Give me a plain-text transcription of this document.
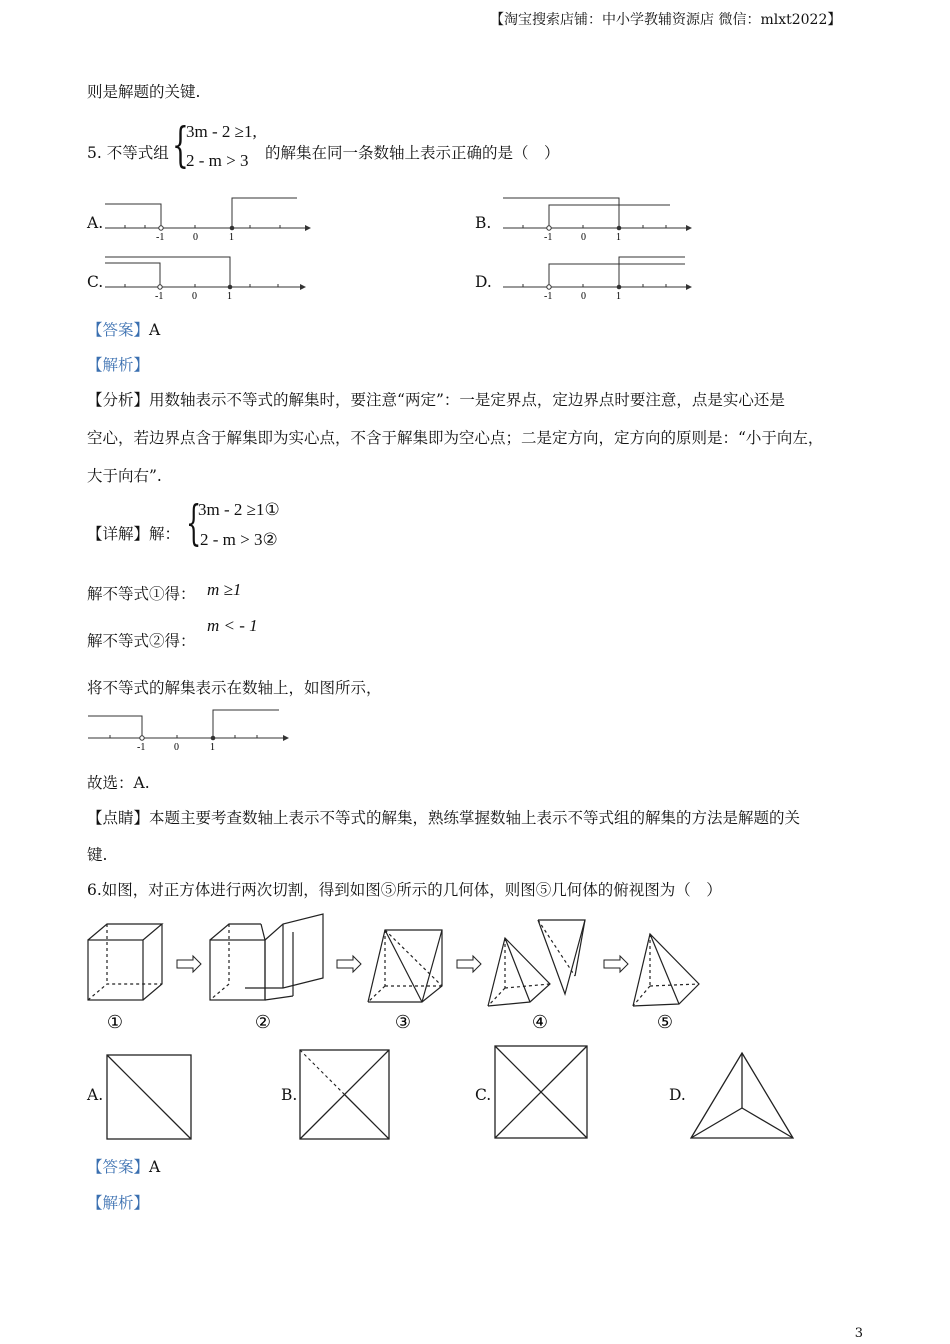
【淘宝搜索店铺：中小学教辅资源店 微信：mlxt2022】
则是解题的关键.
5. 不等式组 {
3m - 2 ≥1,
2 - m > 3 的解集在同一条数轴上表示正确的是（　）
A.
-1	0	1
B.
-1	0	1
C.
-1	0	1
D.
-1	0	1
【答案】A
【解析】
【分析】用数轴表示不等式的解集时，要注意“两定”：一是定界点，定边界点时要注意，点是实心还是
空心，若边界点含于解集即为实心点，不含于解集即为空心点；二是定方向，定方向的原则是：“小于向左，
大于向右”.
【详解】解： {
3m - 2 ≥1①
2 - m > 3②
解不等式①得： m ≥1
解不等式②得：
m < - 1
将不等式的解集表示在数轴上，如图所示，
-1	0	1
故选：A.
【点睛】本题主要考查数轴上表示不等式的解集，熟练掌握数轴上表示不等式组的解集的方法是解题的关
键.
6.如图，对正方体进行两次切割，得到如图⑤所示的几何体，则图⑤几何体的俯视图为（　）
①	②	③	④	⑤
A.	B.	C.	D.
【答案】A
【解析】
3
